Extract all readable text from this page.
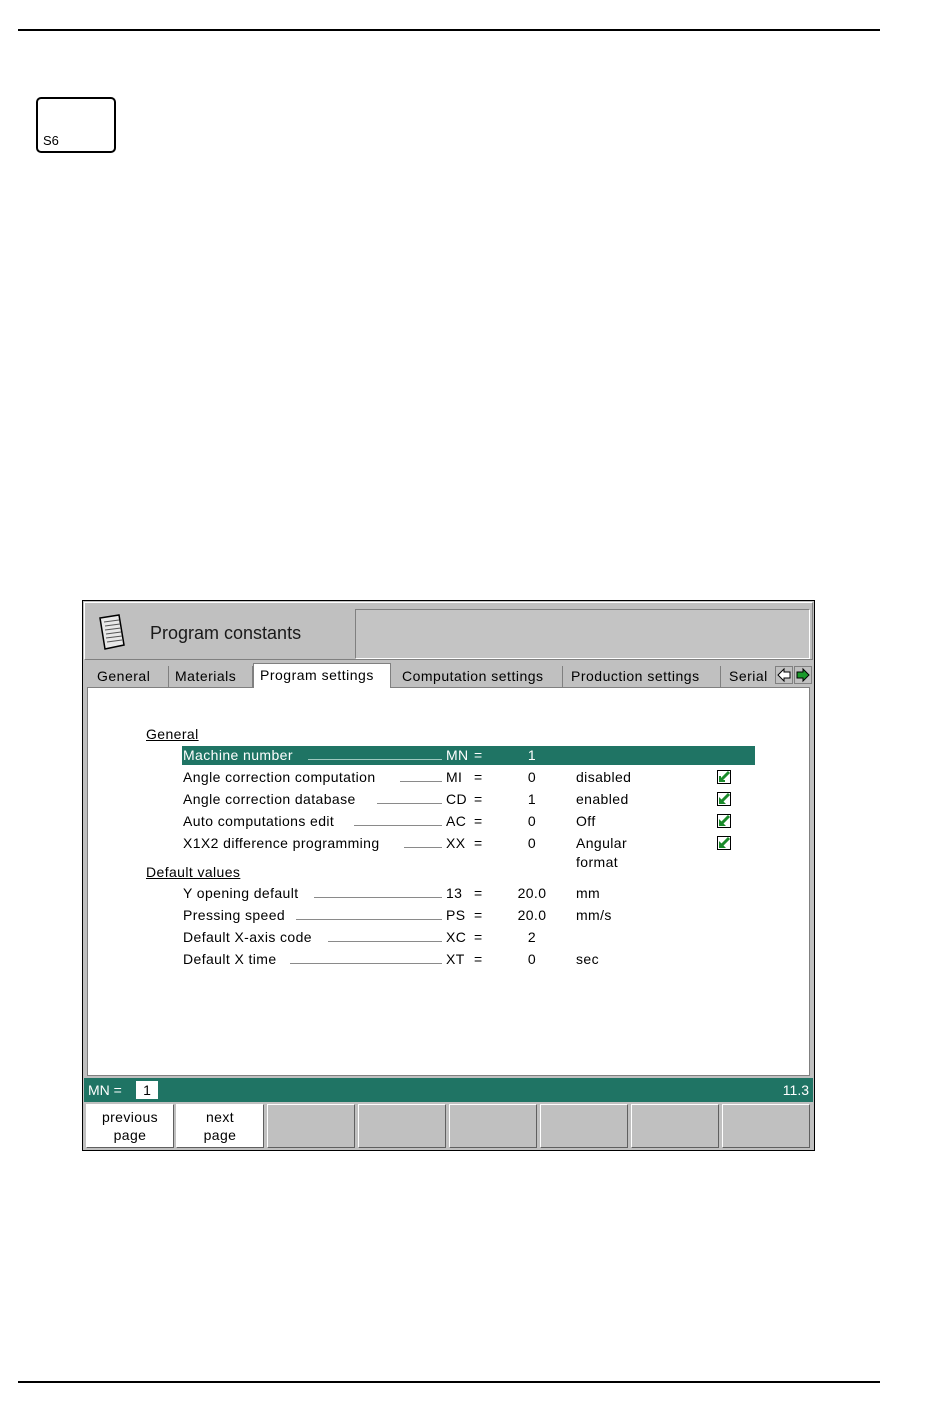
S6
Program constants
General	Materials	Program settings	Computation settings	Production settings	Serial
General
Machine number	MN =	1
Angle correction computation	MI =	0	disabled
Angle correction database	CD =	1	enabled
Auto computations edit	AC =	0	Off
X1X2 difference programming	XX =	0	Angular format
Default values
Y opening default	13 =	20.0	mm
Pressing speed	PS =	20.0	mm/s
Default X-axis code	XC =	2
Default X time	XT =	0	sec
MN =	1	11.3
previous
page
next
page
